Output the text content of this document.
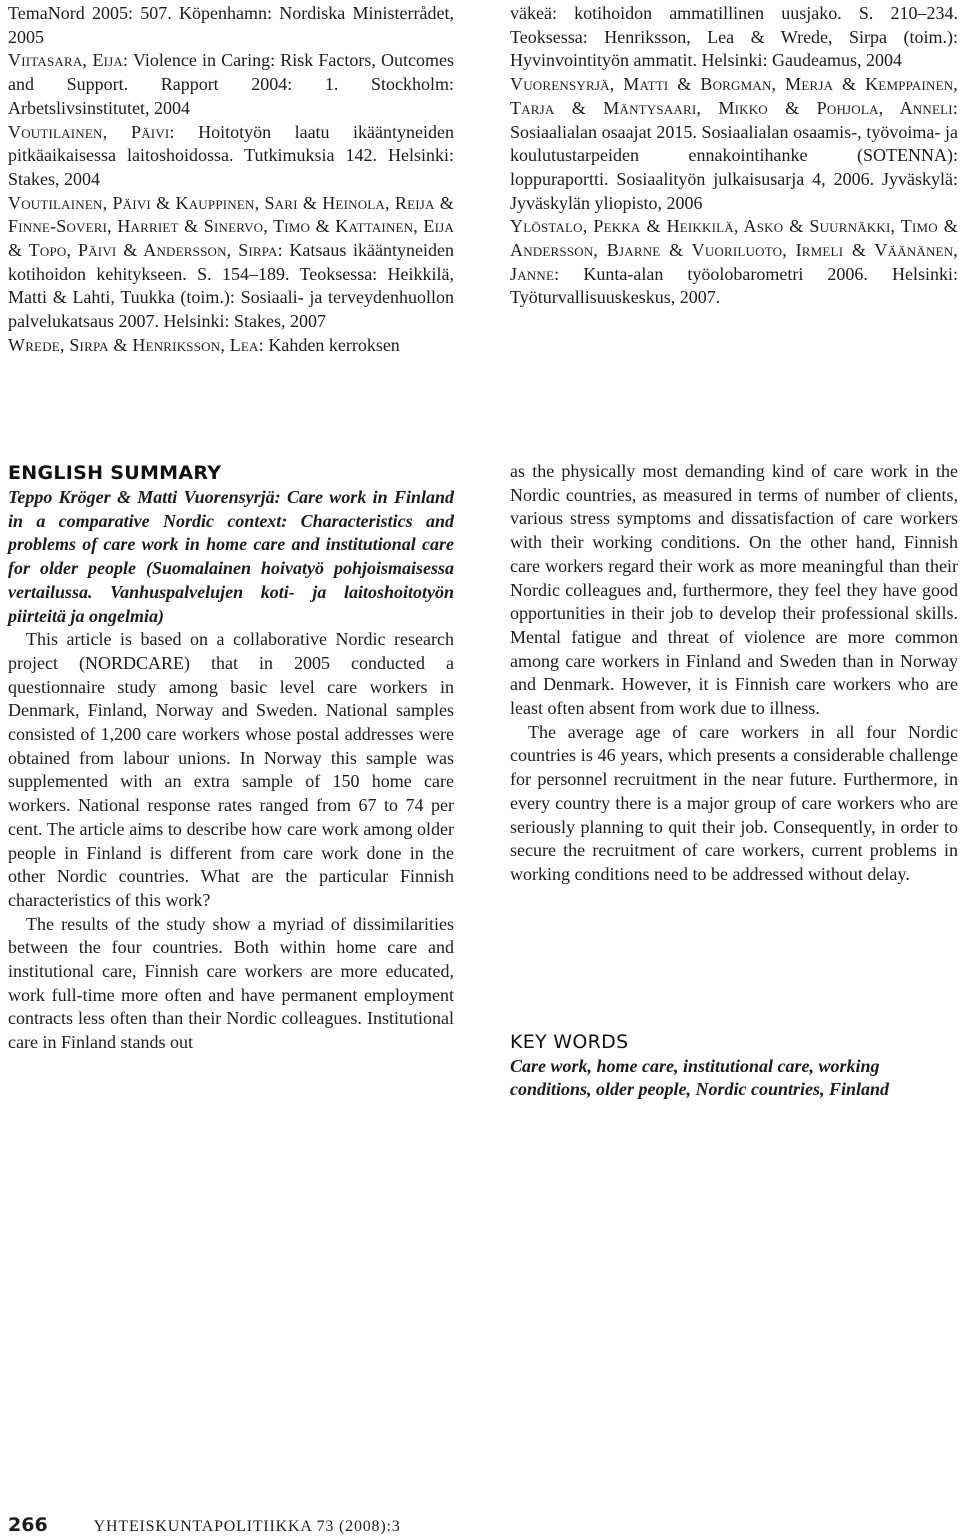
TemaNord 2005: 507. Köpenhamn: Nordiska Ministerrådet, 2005
Viitasara, Eija: Violence in Caring: Risk Factors, Outcomes and Support. Rapport 2004: 1. Stockholm: Arbetslivsinstitutet, 2004
Voutilainen, Päivi: Hoitotyön laatu ikääntyneiden pitkäaikaisessa laitoshoidossa. Tutkimuksia 142. Helsinki: Stakes, 2004
Voutilainen, Päivi & Kauppinen, Sari & Heinola, Reija & Finne-Soveri, Harriet & Sinervo, Timo & Kattainen, Eija & Topo, Päivi & Andersson, Sirpa: Katsaus ikääntyneiden kotihoidon kehitykseen. S. 154–189. Teoksessa: Heikkilä, Matti & Lahti, Tuukka (toim.): Sosiaali- ja terveydenhuollon palvelukatsaus 2007. Helsinki: Stakes, 2007
Wrede, Sirpa & Henriksson, Lea: Kahden kerroksen
väkeä: kotihoidon ammatillinen uusjako. S. 210–234. Teoksessa: Henriksson, Lea & Wrede, Sirpa (toim.): Hyvinvointityön ammatit. Helsinki: Gaudeamus, 2004
Vuorensyrjä, Matti & Borgman, Merja & Kemppainen, Tarja & Mäntysaari, Mikko & Pohjola, Anneli: Sosiaalialan osaajat 2015. Sosiaalialan osaamis-, työvoima- ja koulutustarpeiden ennakointihanke (SOTENNA): loppuraportti. Sosiaalityön julkaisusarja 4, 2006. Jyväskylä: Jyväskylän yliopisto, 2006
Ylöstalo, Pekka & Heikkilä, Asko & Suurnäkki, Timo & Andersson, Bjarne & Vuoriluoto, Irmeli & Väänänen, Janne: Kunta-alan työolobarometri 2006. Helsinki: Työturvallisuuskeskus, 2007.
ENGLISH SUMMARY

Teppo Kröger & Matti Vuorensyrjä: Care work in Finland in a comparative Nordic context: Characteristics and problems of care work in home care and institutional care for older people (Suomalainen hoivatyö pohjoismaisessa vertailussa. Vanhuspalvelujen koti- ja laitoshoitotyön piirteitä ja ongelmia)

This article is based on a collaborative Nordic research project (NORDCARE) that in 2005 conducted a questionnaire study among basic level care workers in Denmark, Finland, Norway and Sweden. National samples consisted of 1,200 care workers whose postal addresses were obtained from labour unions. In Norway this sample was supplemented with an extra sample of 150 home care workers. National response rates ranged from 67 to 74 per cent. The article aims to describe how care work among older people in Finland is different from care work done in the other Nordic countries. What are the particular Finnish characteristics of this work?

The results of the study show a myriad of dissimilarities between the four countries. Both within home care and institutional care, Finnish care workers are more educated, work full-time more often and have permanent employment contracts less often than their Nordic colleagues. Institutional care in Finland stands out

as the physically most demanding kind of care work in the Nordic countries, as measured in terms of number of clients, various stress symptoms and dissatisfaction of care workers with their working conditions. On the other hand, Finnish care workers regard their work as more meaningful than their Nordic colleagues and, furthermore, they feel they have good opportunities in their job to develop their professional skills. Mental fatigue and threat of violence are more common among care workers in Finland and Sweden than in Norway and Denmark. However, it is Finnish care workers who are least often absent from work due to illness.

The average age of care workers in all four Nordic countries is 46 years, which presents a considerable challenge for personnel recruitment in the near future. Furthermore, in every country there is a major group of care workers who are seriously planning to quit their job. Consequently, in order to secure the recruitment of care workers, current problems in working conditions need to be addressed without delay.

KEY WORDS

Care work, home care, institutional care, working conditions, older people, Nordic countries, Finland

266	YHTEISKUNTAPOLITIIKKA 73 (2008):3
